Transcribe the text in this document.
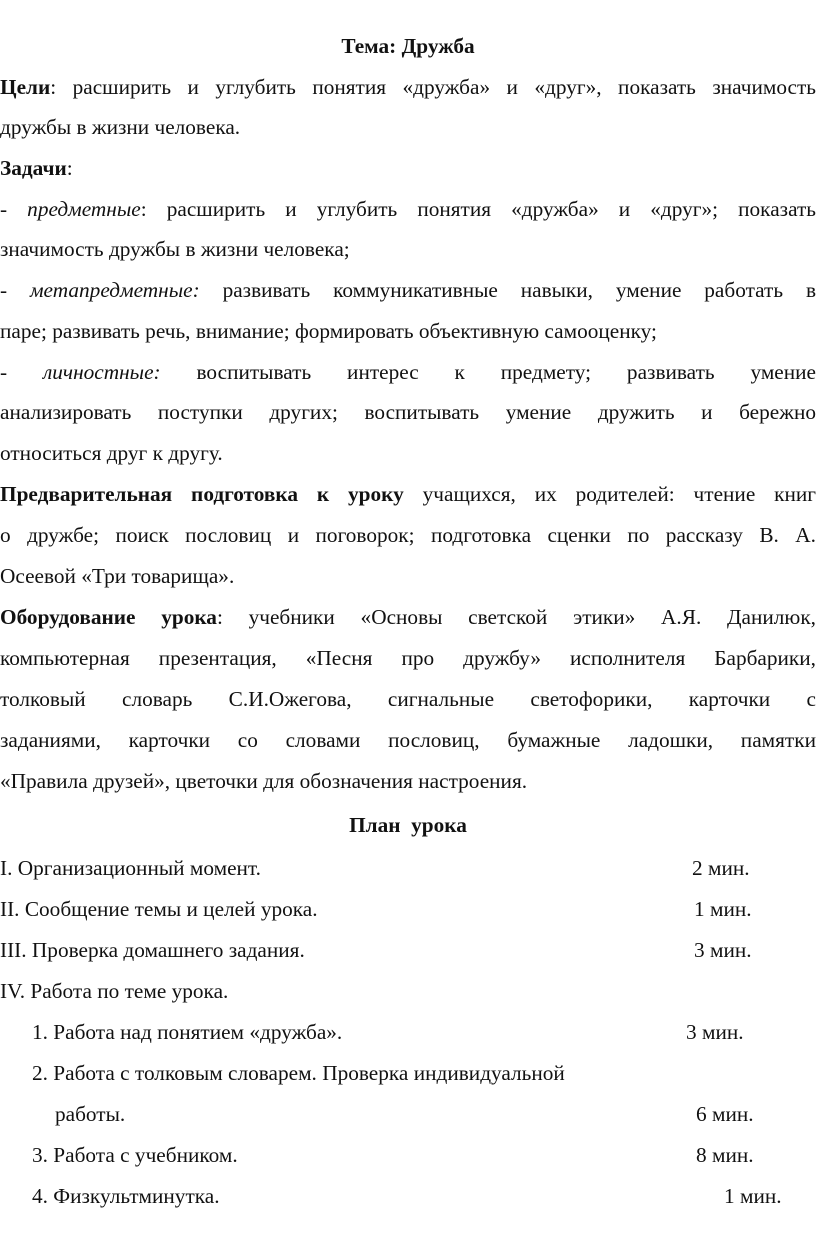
Тема: Дружба
Цели: расширить и углубить понятия «дружба» и «друг», показать значимость
дружбы в жизни человека.
Задачи:
- предметные: расширить и углубить понятия «дружба» и «друг»; показать
значимость дружбы в жизни человека;
- метапредметные: развивать коммуникативные навыки, умение работать в
паре; развивать речь, внимание; формировать объективную самооценку;
- личностные: воспитывать интерес к предмету; развивать умение
анализировать поступки других; воспитывать умение дружить и бережно
относиться друг к другу.
Предварительная подготовка к уроку учащихся, их родителей: чтение книг
о дружбе; поиск пословиц и поговорок; подготовка сценки по рассказу В. А.
Осеевой «Три товарища».
Оборудование урока: учебники «Основы светской этики» А.Я. Данилюк,
компьютерная презентация, «Песня про дружбу» исполнителя Барбарики,
толковый словарь С.И.Ожегова, сигнальные светофорики, карточки с
заданиями, карточки со словами пословиц, бумажные ладошки, памятки
«Правила друзей», цветочки для обозначения настроения.
План  урока
I. Организационный момент.	2 мин.
II. Сообщение темы и целей урока.	1 мин.
III. Проверка домашнего задания.	3 мин.
IV. Работа по теме урока.
1. Работа над понятием «дружба».	3 мин.
2. Работа с толковым словарем. Проверка индивидуальной
работы.	6 мин.
3. Работа с учебником.	8 мин.
4. Физкультминутка.	1 мин.
